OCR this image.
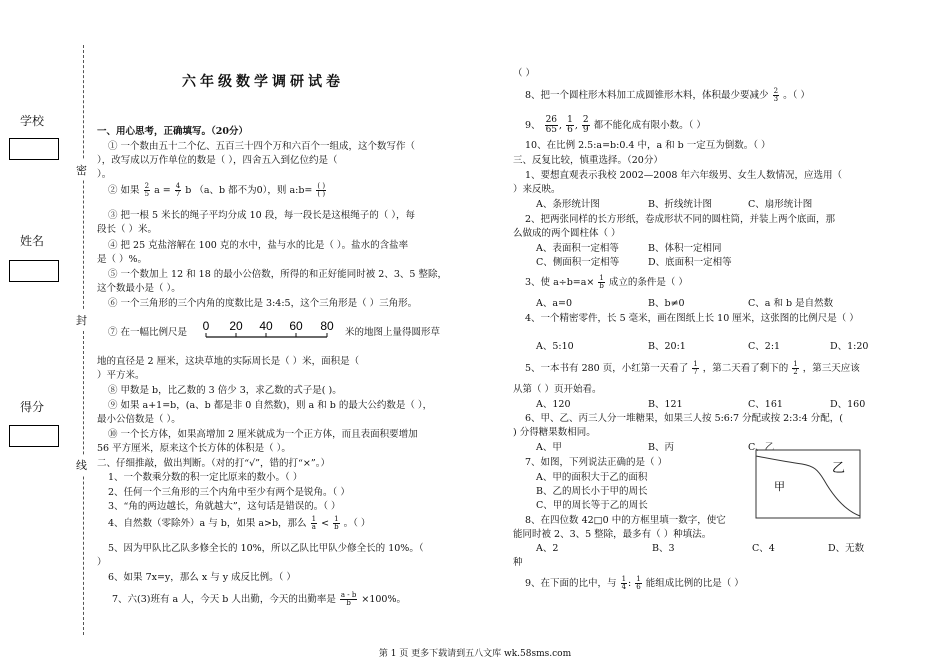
学校
姓名
得分
密
封
线
六年级数学调研试卷
一、用心思考，正确填写。（20分）
① 一个数由五十二个亿、五百三十四个万和六百个一组成，这个数写作（
），改写成以万作单位的数是（ ），四舍五入到亿位约是（
）。
② 如果 $\frac{2}{5}$ $a = \frac{4}{7}$ b （a、b 都不为0），则 a:b= $\frac{( )}{( )}$
③ 把一根 5 米长的绳子平均分成 10 段，每一段长是这根绳子的（ ），每
段长（ ）米。
④ 把 25 克盐溶解在 100 克的水中，盐与水的比是（ ）。盐水的含盐率
是（ ）%。
⑤ 一个数加上 12 和 18 的最小公倍数，所得的和正好能同时被 2、3、5 整除，
这个数最小是（ ）。
⑥ 一个三角形的三个内角的度数比是 3:4:5，这个三角形是（ ）三角形。
⑦ 在一幅比例尺是 0 20 40 60 80 米的地图上量得圆形草
地的直径是 2 厘米，这块草地的实际周长是（ ）米，面积是（
）平方米。
⑧ 甲数是 b，比乙数的 3 倍少 3，求乙数的式子是( )。
⑨ 如果 a+1=b，(a、b 都是非 0 自然数)，则 a 和 b 的最大公约数是（ ），
最小公倍数是（ ）。
⑩ 一个长方体，如果高增加 2 厘米就成为一个正方体，而且表面积要增加
56 平方厘米，原来这个长方体的体积是（ ）。
二、仔细推敲，做出判断。（对的打“√”，错的打“×”。）
1、一个数乘分数的积一定比原来的数小。（ ）
2、任何一个三角形的三个内角中至少有两个是锐角。（ ）
3、“角的两边越长，角就越大”，这句话是错误的。（ ）
4、自然数（零除外）a 与 b，如果 a>b，那么 $\frac{1}{a} < \frac{1}{b}$ 。（ ）
5、因为甲队比乙队多修全长的 10%，所以乙队比甲队少修全长的 10%。（
）
6、如果 7x=y，那么 x 与 y 成反比例。（ ）
7、六(3)班有 a 人，今天 b 人出勤，今天的出勤率是 $\frac{a - b}{b} \times 100\%$。
（ ）
8、把一个圆柱形木料加工成圆锥形木料，体积最少要减少 $\frac{2}{3}$ 。（ ）
9、 $\frac{26}{65}$ , $\frac{1}{6}$ , $\frac{2}{9}$ 都不能化成有限小数。（ ）
10、在比例 2.5:a=b:0.4 中，a 和 b 一定互为倒数。（ ）
三、反复比较，慎重选择。（20分）
1、要想直观表示我校 2002—2008 年六年级男、女生人数情况，应选用（
）来反映。
A、条形统计图	B、折线统计图	C、扇形统计图
2、把两张同样的长方形纸，卷成形状不同的圆柱筒，并装上两个底面，那
么做成的两个圆柱体（ ）
A、表面积一定相等	B、体积一定相同
C、侧面积一定相等	D、底面积一定相等
3、使 $a\div b=a\times \frac{1}{b}$ 成立的条件是（ ）
A、a=0	B、b≠0	C、a 和 b 是自然数
4、一个精密零件，长 5 毫米，画在图纸上长 10 厘米，这张图的比例尺是（ ）
A、5:10	B、20:1	C、2:1	D、1:20
5、一本书有 280 页，小红第一天看了 $\frac{1}{7}$ ，第二天看了剩下的 $\frac{1}{2}$ ，第三天应该
从第（ ）页开始看。
A、120	B、121	C、161	D、160
6、甲、乙、丙三人分一堆糖果，如果三人按 5:6:7 分配或按 2:3:4 分配，(
) 分得糖果数相同。
A、甲	B、丙	C、乙
7、如图，下列说法正确的是（ ）
A、甲的面积大于乙的面积
B、乙的周长小于甲的周长
C、甲的周长等于乙的周长
甲
乙
8、在四位数 42□0 中的方框里填一数字，使它
能同时被 2、3、5 整除，最多有（ ）种填法。
A、2	B、3	C、4	D、无数
种
9、在下面的比中，与 $\frac{1}{4}$ : $\frac{1}{6}$ 能组成比例的比是（ ）
第 1 页 更多下载请到五八文库 wk.58sms.com
